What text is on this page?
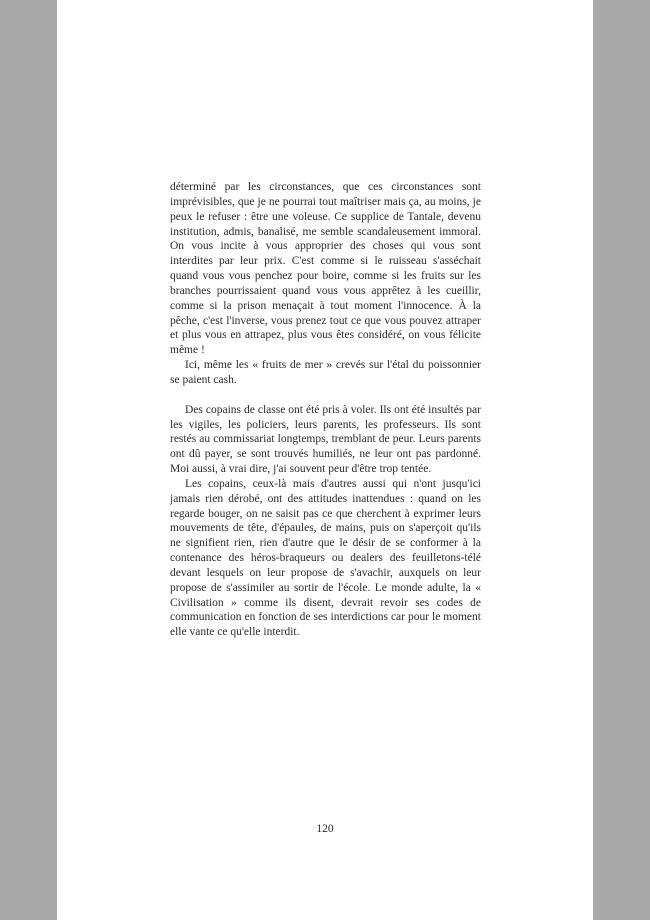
déterminé par les circonstances, que ces circonstances sont imprévisibles, que je ne pourrai tout maîtriser mais ça, au moins, je peux le refuser : être une voleuse. Ce supplice de Tantale, devenu institution, admis, banalisé, me semble scandaleusement immoral. On vous incite à vous approprier des choses qui vous sont interdites par leur prix. C'est comme si le ruisseau s'asséchait quand vous vous penchez pour boire, comme si les fruits sur les branches pourrissaient quand vous vous apprêtez à les cueillir, comme si la prison menaçait à tout moment l'innocence. À la pêche, c'est l'inverse, vous prenez tout ce que vous pouvez attraper et plus vous en attrapez, plus vous êtes considéré, on vous félicite même !

Ici, même les « fruits de mer » crevés sur l'étal du poissonnier se paient cash.

Des copains de classe ont été pris à voler. Ils ont été insultés par les vigiles, les policiers, leurs parents, les professeurs. Ils sont restés au commissariat longtemps, tremblant de peur. Leurs parents ont dû payer, se sont trouvés humiliés, ne leur ont pas pardonné. Moi aussi, à vrai dire, j'ai souvent peur d'être trop tentée.

Les copains, ceux-là mais d'autres aussi qui n'ont jusqu'ici jamais rien dérobé, ont des attitudes inattendues : quand on les regarde bouger, on ne saisit pas ce que cherchent à exprimer leurs mouvements de tête, d'épaules, de mains, puis on s'aperçoit qu'ils ne signifient rien, rien d'autre que le désir de se conformer à la contenance des héros-braqueurs ou dealers des feuilletons-télé devant lesquels on leur propose de s'avachir, auxquels on leur propose de s'assimiler au sortir de l'école. Le monde adulte, la « Civilisation » comme ils disent, devrait revoir ses codes de communication en fonction de ses interdictions car pour le moment elle vante ce qu'elle interdit.

120
